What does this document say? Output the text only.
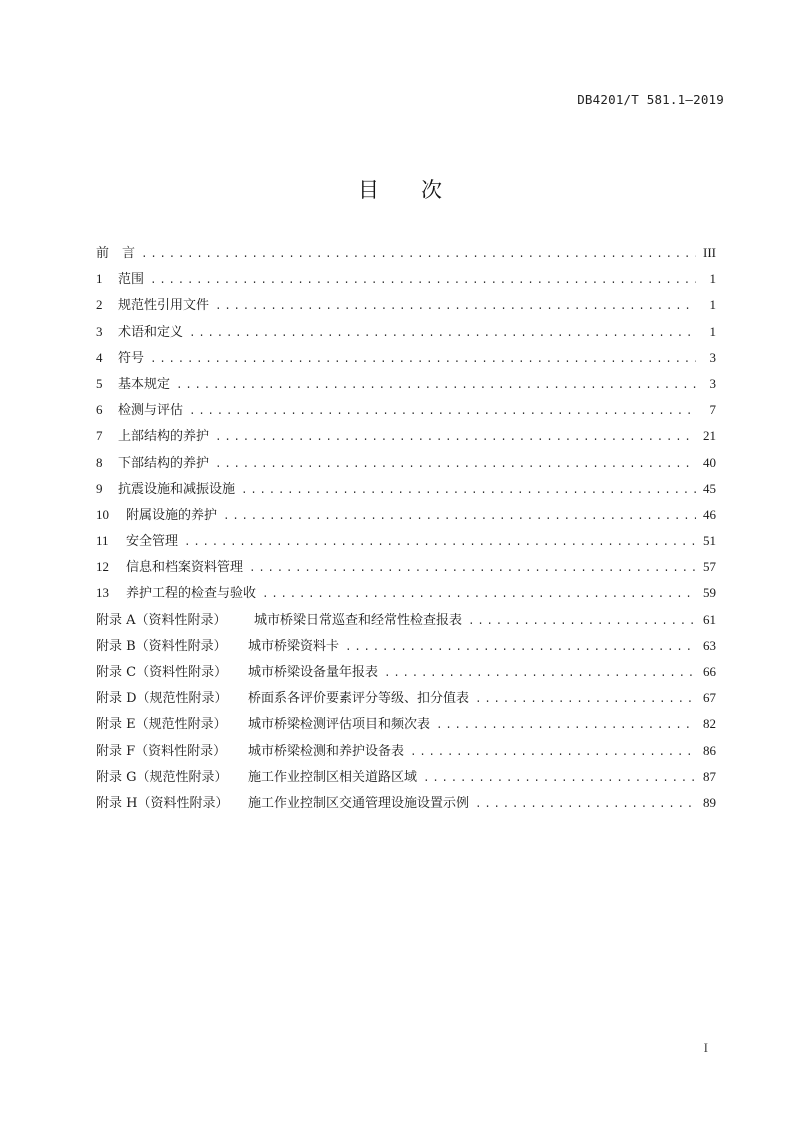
DB4201/T 581.1—2019
目 次
前　言 .....	III
1	范围 .....	1
2	规范性引用文件 .....	1
3	术语和定义 .....	1
4	符号 .....	3
5	基本规定 .....	3
6	检测与评估 .....	7
7	上部结构的养护 .....	21
8	下部结构的养护 .....	40
9	抗震设施和减振设施 .....	45
10	附属设施的养护 .....	46
11	安全管理 .....	51
12	信息和档案资料管理 .....	57
13	养护工程的检查与验收 .....	59
附录 A（资料性附录）	城市桥梁日常巡查和经常性检查报表 .....	61
附录 B（资料性附录）	城市桥梁资料卡 .....	63
附录 C（资料性附录）	城市桥梁设备量年报表 .....	66
附录 D（规范性附录）	桥面系各评价要素评分等级、扣分值表 .....	67
附录 E（规范性附录）	城市桥梁检测评估项目和频次表 .....	82
附录 F（资料性附录）	城市桥梁检测和养护设备表 .....	86
附录 G（规范性附录）	施工作业控制区相关道路区域 .....	87
附录 H（资料性附录）	施工作业控制区交通管理设施设置示例 .....	89
I
